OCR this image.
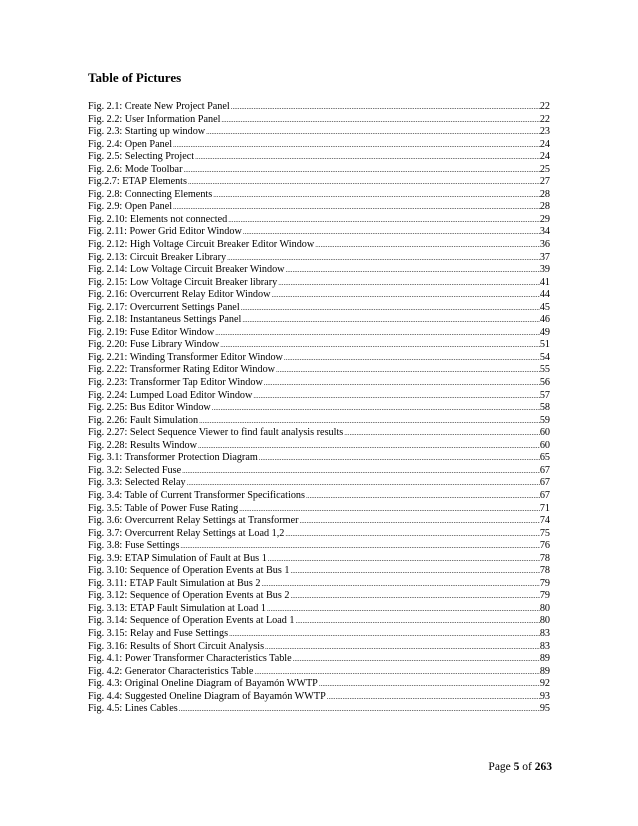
Table of Pictures
Fig. 2.1: Create New Project Panel .....	22
Fig. 2.2: User Information Panel .....	22
Fig. 2.3: Starting up window .....	23
Fig. 2.4: Open Panel .....	24
Fig. 2.5: Selecting Project .....	24
Fig. 2.6: Mode Toolbar .....	25
Fig.2.7: ETAP Elements .....	27
Fig. 2.8: Connecting Elements .....	28
Fig. 2.9: Open Panel .....	28
Fig. 2.10: Elements not connected .....	29
Fig. 2.11: Power Grid Editor Window .....	34
Fig. 2.12: High Voltage Circuit Breaker Editor Window .....	36
Fig. 2.13: Circuit Breaker Library .....	37
Fig. 2.14: Low Voltage Circuit Breaker Window .....	39
Fig. 2.15: Low Voltage Circuit Breaker library .....	41
Fig. 2.16: Overcurrent Relay Editor Window .....	44
Fig. 2.17: Overcurrent Settings Panel .....	45
Fig. 2.18: Instantaneus Settings Panel .....	46
Fig. 2.19: Fuse Editor Window .....	49
Fig. 2.20: Fuse Library Window .....	51
Fig. 2.21: Winding Transformer Editor Window .....	54
Fig. 2.22: Transformer Rating Editor Window .....	55
Fig. 2.23: Transformer Tap Editor Window .....	56
Fig. 2.24: Lumped Load Editor Window .....	57
Fig. 2.25: Bus Editor Window .....	58
Fig. 2.26: Fault Simulation .....	59
Fig. 2.27: Select Sequence Viewer to find fault analysis results .....	60
Fig. 2.28: Results Window .....	60
Fig. 3.1: Transformer Protection Diagram .....	65
Fig. 3.2: Selected Fuse .....	67
Fig. 3.3: Selected Relay .....	67
Fig. 3.4: Table of Current Transformer Specifications .....	67
Fig. 3.5: Table of Power Fuse Rating .....	71
Fig. 3.6: Overcurrent Relay Settings at Transformer .....	74
Fig. 3.7: Overcurrent Relay Settings at Load 1,2 .....	75
Fig. 3.8: Fuse Settings .....	76
Fig. 3.9: ETAP Simulation of Fault at Bus 1 .....	78
Fig. 3.10: Sequence of Operation Events at Bus 1 .....	78
Fig. 3.11: ETAP Fault Simulation at Bus 2 .....	79
Fig. 3.12: Sequence of Operation Events at Bus 2 .....	79
Fig. 3.13: ETAP Fault Simulation at Load 1 .....	80
Fig. 3.14: Sequence of Operation Events at Load 1 .....	80
Fig. 3.15: Relay and Fuse Settings .....	83
Fig. 3.16: Results of Short Circuit Analysis .....	83
Fig. 4.1: Power Transformer Characteristics Table .....	89
Fig. 4.2: Generator Characteristics Table .....	89
Fig. 4.3: Original Oneline Diagram of Bayamón WWTP .....	92
Fig. 4.4: Suggested Oneline Diagram of Bayamón WWTP .....	93
Fig. 4.5: Lines Cables .....	95
Page 5 of 263
